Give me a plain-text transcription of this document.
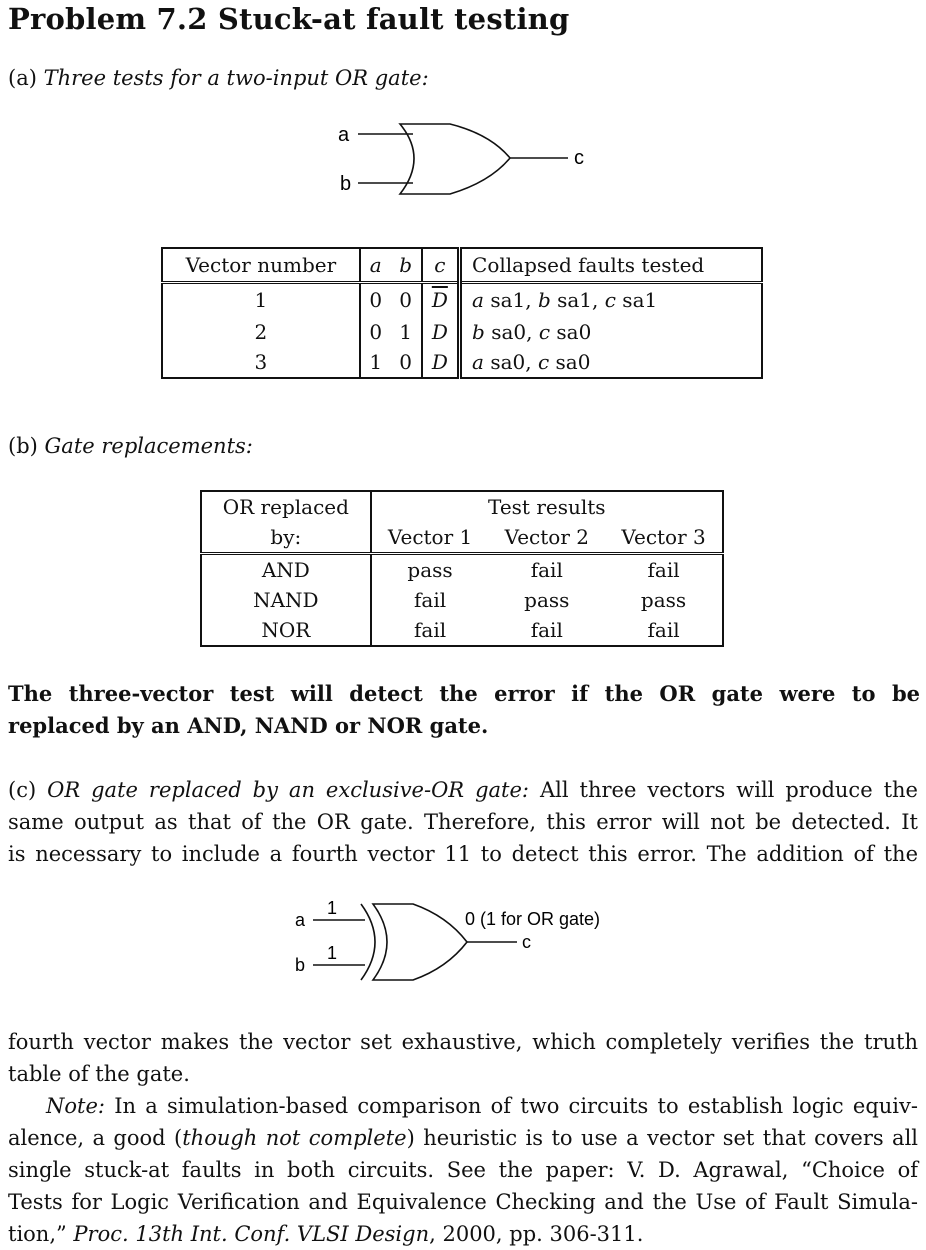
Problem 7.2 Stuck-at fault testing
(a) Three tests for a two-input OR gate:
a
b
c
Vector number	a	b	c	Collapsed faults tested
1	0	0	$\overline{D}$	a sa1, b sa1, c sa1
2	0	1	D	b sa0, c sa0
3	1	0	D	a sa0, c sa0
(b) Gate replacements:
OR replaced	Test results		
by:	Vector 1	Vector 2	Vector 3
AND	pass	fail	fail
NAND	fail	pass	pass
NOR	fail	fail	fail
The three-vector test will detect the error if the OR gate were to be
replaced by an AND, NAND or NOR gate.
(c) OR gate replaced by an exclusive-OR gate: All three vectors will produce the
same output as that of the OR gate. Therefore, this error will not be detected. It
is necessary to include a fourth vector 11 to detect this error. The addition of the
a
b
1
1
0 (1 for OR gate)
c
fourth vector makes the vector set exhaustive, which completely verifies the truth
table of the gate.
Note: In a simulation-based comparison of two circuits to establish logic equiv-
alence, a good (though not complete) heuristic is to use a vector set that covers all
single stuck-at faults in both circuits. See the paper: V. D. Agrawal, “Choice of
Tests for Logic Verification and Equivalence Checking and the Use of Fault Simula-
tion,” Proc. 13th Int. Conf. VLSI Design, 2000, pp. 306-311.
